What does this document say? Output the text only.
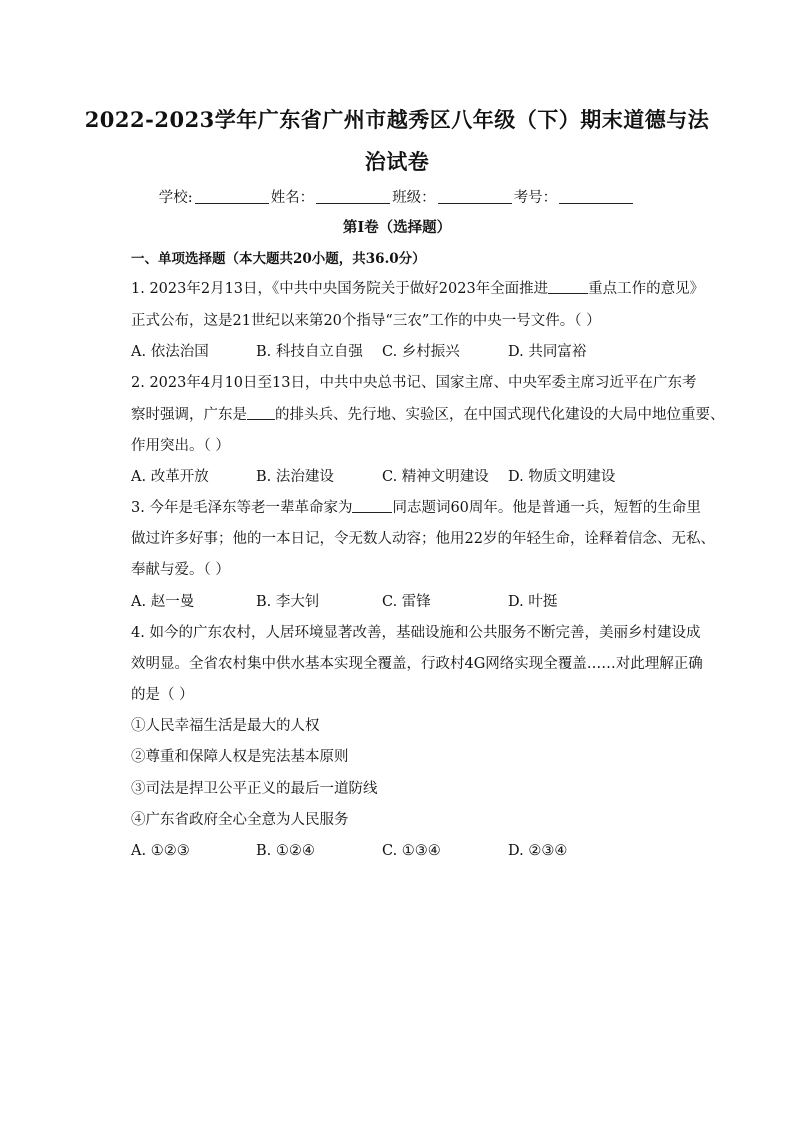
2022-2023学年广东省广州市越秀区八年级（下）期末道德与法
治试卷
学校:	姓名：	班级：	考号：
第I卷（选择题）
一、单项选择题（本大题共20小题，共36.0分）
1. 2023年2月13日，《中共中央国务院关于做好2023年全面推进	重点工作的意见》
正式公布，这是21世纪以来第20个指导“三农”工作的中央一号文件。（ ）
A. 依法治国	B. 科技自立自强 C. 乡村振兴	D. 共同富裕
2. 2023年4月10日至13日，中共中央总书记、国家主席、中央军委主席习近平在广东考
察时强调，广东是 的排头兵、先行地、实验区，在中国式现代化建设的大局中地位重要、
作用突出。（ ）
A. 改革开放	B. 法治建设	C. 精神文明建设 D. 物质文明建设
3. 今年是毛泽东等老一辈革命家为	同志题词60周年。他是普通一兵，短暂的生命里
做过许多好事；他的一本日记，令无数人动容；他用22岁的年轻生命，诠释着信念、无私、
奉献与爱。（ ）
A. 赵一曼	B. 李大钊	C. 雷锋	D. 叶挺
4. 如今的广东农村，人居环境显著改善，基础设施和公共服务不断完善，美丽乡村建设成
效明显。全省农村集中供水基本实现全覆盖，行政村4G网络实现全覆盖……对此理解正确
的是（ ）
①人民幸福生活是最大的人权
②尊重和保障人权是宪法基本原则
③司法是捍卫公平正义的最后一道防线
④广东省政府全心全意为人民服务
A. ①②③	B. ①②④	C. ①③④	D. ②③④
